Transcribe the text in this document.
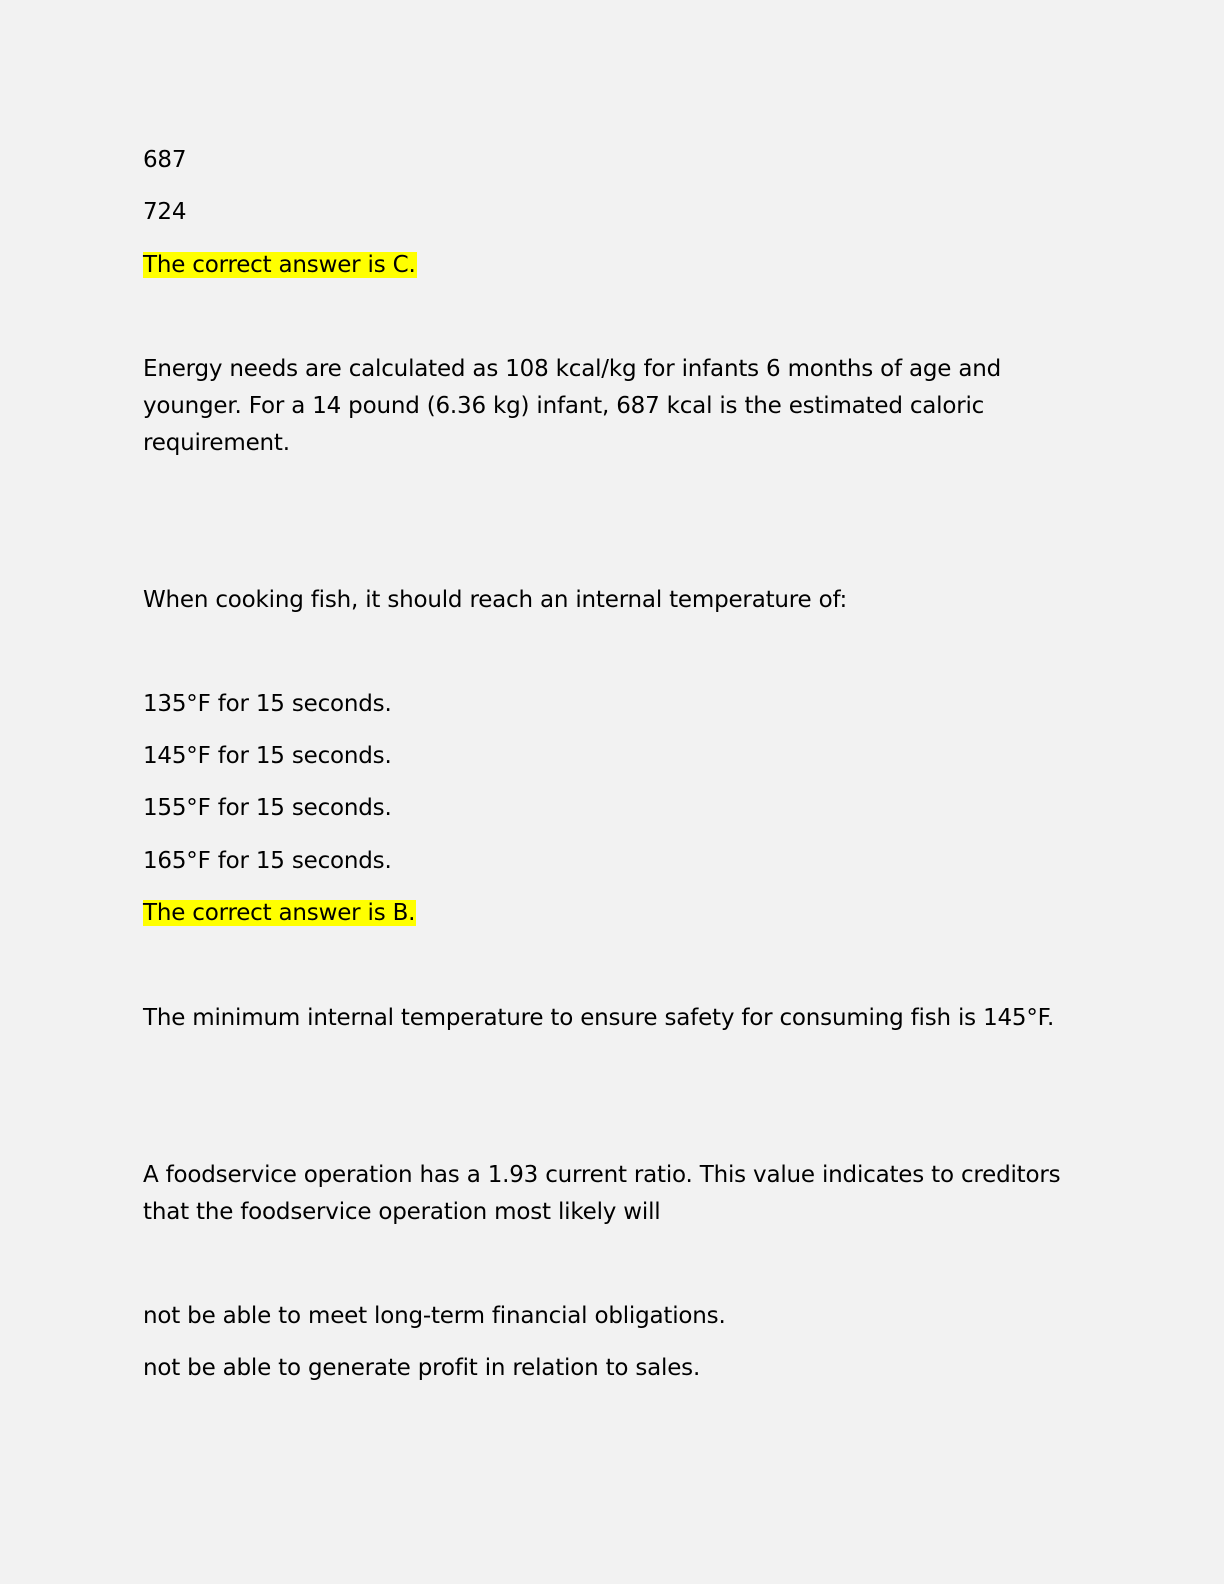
687
724
The correct answer is C.
Energy needs are calculated as 108 kcal/kg for infants 6 months of age and younger. For a 14 pound (6.36 kg) infant, 687 kcal is the estimated caloric requirement.
When cooking fish, it should reach an internal temperature of:
135°F for 15 seconds.
145°F for 15 seconds.
155°F for 15 seconds.
165°F for 15 seconds.
The correct answer is B.
The minimum internal temperature to ensure safety for consuming fish is 145°F.
A foodservice operation has a 1.93 current ratio. This value indicates to creditors that the foodservice operation most likely will
not be able to meet long-term financial obligations.
not be able to generate profit in relation to sales.
